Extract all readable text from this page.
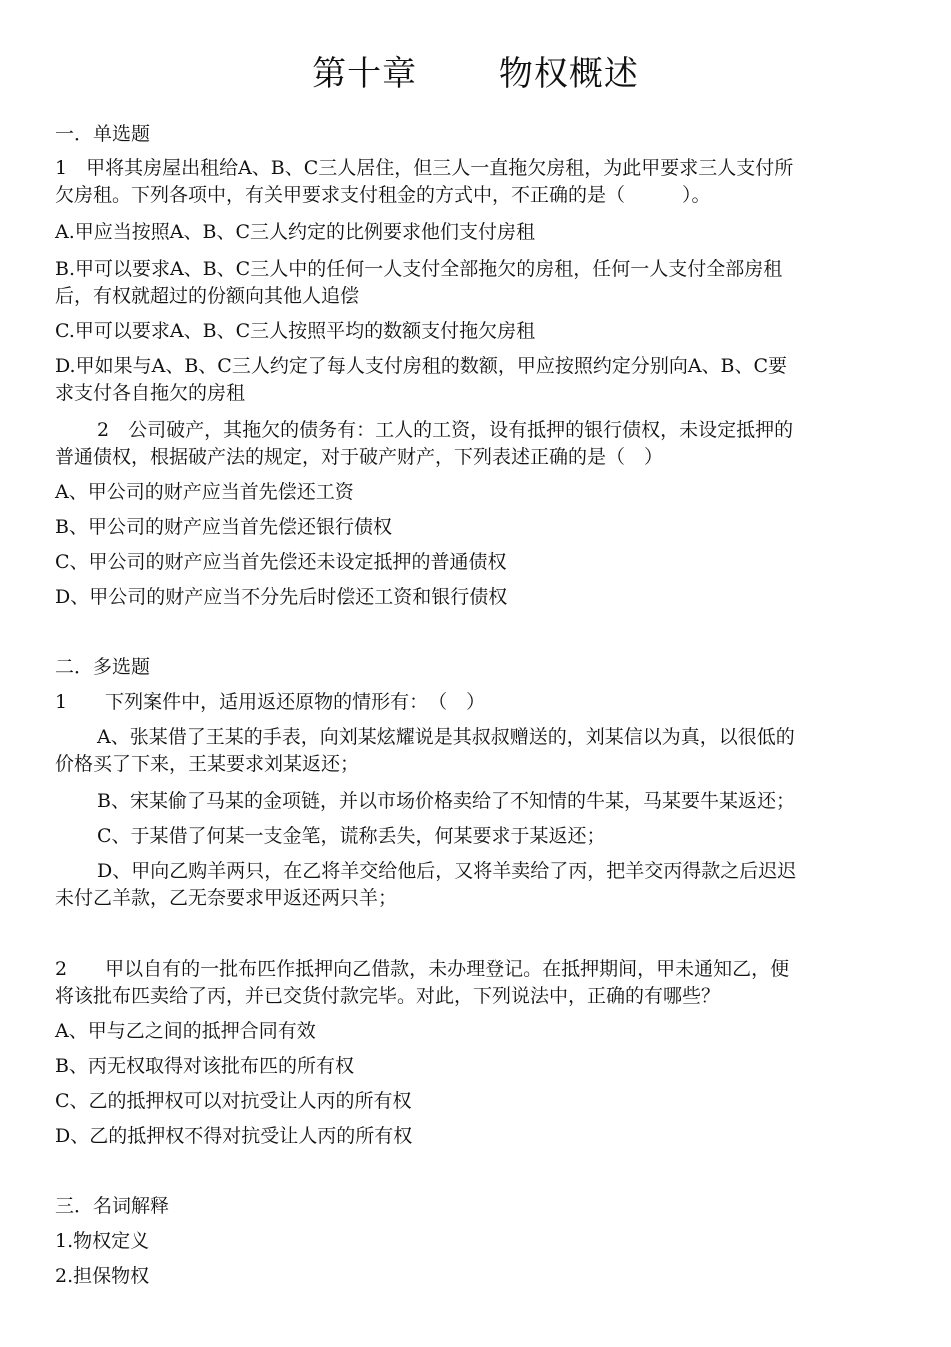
第十章　　 物权概述
一．单选题
1　甲将其房屋出租给A、B、C三人居住，但三人一直拖欠房租，为此甲要求三人支付所
欠房租。下列各项中，有关甲要求支付租金的方式中，不正确的是（　　　）。
A.甲应当按照A、B、C三人约定的比例要求他们支付房租
B.甲可以要求A、B、C三人中的任何一人支付全部拖欠的房租，任何一人支付全部房租
后，有权就超过的份额向其他人追偿
C.甲可以要求A、B、C三人按照平均的数额支付拖欠房租
D.甲如果与A、B、C三人约定了每人支付房租的数额，甲应按照约定分别向A、B、C要
求支付各自拖欠的房租
2　公司破产，其拖欠的债务有：工人的工资，设有抵押的银行债权，未设定抵押的
普通债权，根据破产法的规定，对于破产财产，下列表述正确的是（　）
A、甲公司的财产应当首先偿还工资
B、甲公司的财产应当首先偿还银行债权
C、甲公司的财产应当首先偿还未设定抵押的普通债权
D、甲公司的财产应当不分先后时偿还工资和银行债权
二．多选题
1　　下列案件中，适用返还原物的情形有：　（　）
A、张某借了王某的手表，向刘某炫耀说是其叔叔赠送的，刘某信以为真，以很低的
价格买了下来，王某要求刘某返还；
B、宋某偷了马某的金项链，并以市场价格卖给了不知情的牛某，马某要牛某返还；
C、于某借了何某一支金笔，谎称丢失，何某要求于某返还；
D、甲向乙购羊两只，在乙将羊交给他后，又将羊卖给了丙，把羊交丙得款之后迟迟
未付乙羊款，乙无奈要求甲返还两只羊；
2　　甲以自有的一批布匹作抵押向乙借款，未办理登记。在抵押期间，甲未通知乙，便
将该批布匹卖给了丙，并已交货付款完毕。对此，下列说法中，正确的有哪些？
A、甲与乙之间的抵押合同有效
B、丙无权取得对该批布匹的所有权
C、乙的抵押权可以对抗受让人丙的所有权
D、乙的抵押权不得对抗受让人丙的所有权
三．名词解释
1.物权定义
2.担保物权
